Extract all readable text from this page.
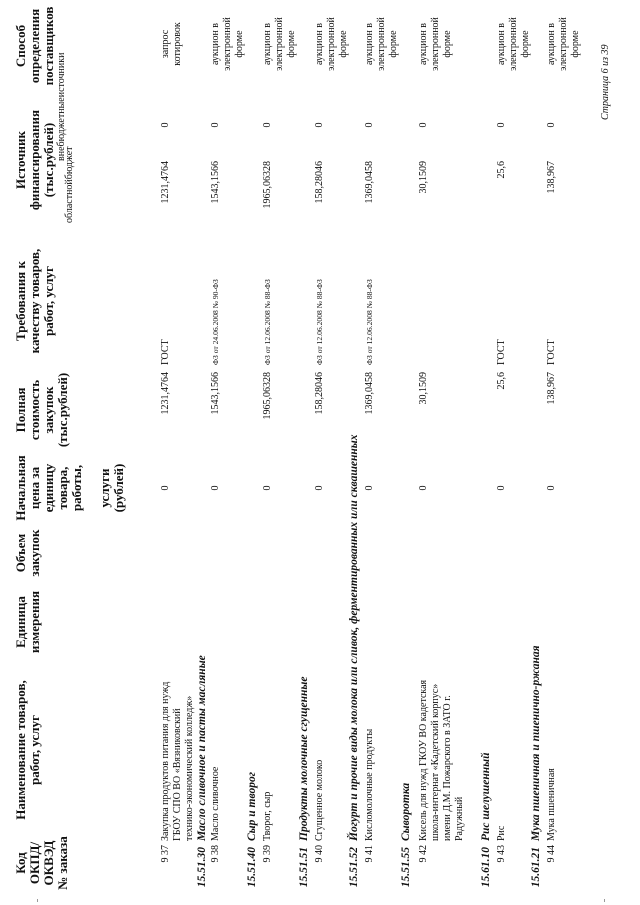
Код ОКПД/ ОКВЭД № заказа
Наименование товаров, работ, услуг
Единица измерения
Объем закупок
Начальная цена за единицу товара, работы,
услуги (рублей)
Полная стоимость закупок (тыс.рублей)
Требования к качеству товаров, работ, услуг
Источник финансирования (тыс.рублей)
областнойбюджет
внебюджетныеисточники
Способ определения поставщиков
9 37
Закупка продуктов питания для нужд ГБОУ СПО ВО «Вязниковский технико-экономический колледж»
0
1231,4764
ГОСТ
1231,4764
0
запрос котировок
15.51.30
Масло сливочное и пасты масляные
9 38
Масло сливочное
0
1543,1566
ФЗ от 24.06.2008 № 90-ФЗ
1543,1566
0
аукцион в электронной форме
15.51.40
Сыр и творог
9 39
Творог, сыр
0
1965,06328
ФЗ от 12.06.2008 № 88-ФЗ
1965,06328
0
аукцион в электронной форме
15.51.51
Продукты молочные сгущенные
9 40
Сгущенное молоко
0
158,28046
ФЗ от 12.06.2008 № 88-ФЗ
158,28046
0
аукцион в электронной форме
15.51.52
Йогурт и прочие виды молока или сливок, ферментированных или сквашенных
9 41
Кисломолочные продукты
0
1369,0458
ФЗ от 12.06.2008 № 88-ФЗ
1369,0458
0
аукцион в электронной форме
15.51.55
Сыворотка
9 42
Кисель для нужд ГКОУ ВО кадетская школа-интернат «Кадетский корпус» имени Д.М. Пожарского в ЗАТО г. Радужный
0
30,1509
30,1509
0
аукцион в электронной форме
15.61.10
Рис шелушенный
9 43
Рис
0
25,6
ГОСТ
25,6
0
аукцион в электронной форме
15.61.21
Мука пшеничная и пшенично-ржаная
9 44
Мука пшеничная
0
138,967
ГОСТ
138,967
0
аукцион в электронной форме
Страница 6 из 39
